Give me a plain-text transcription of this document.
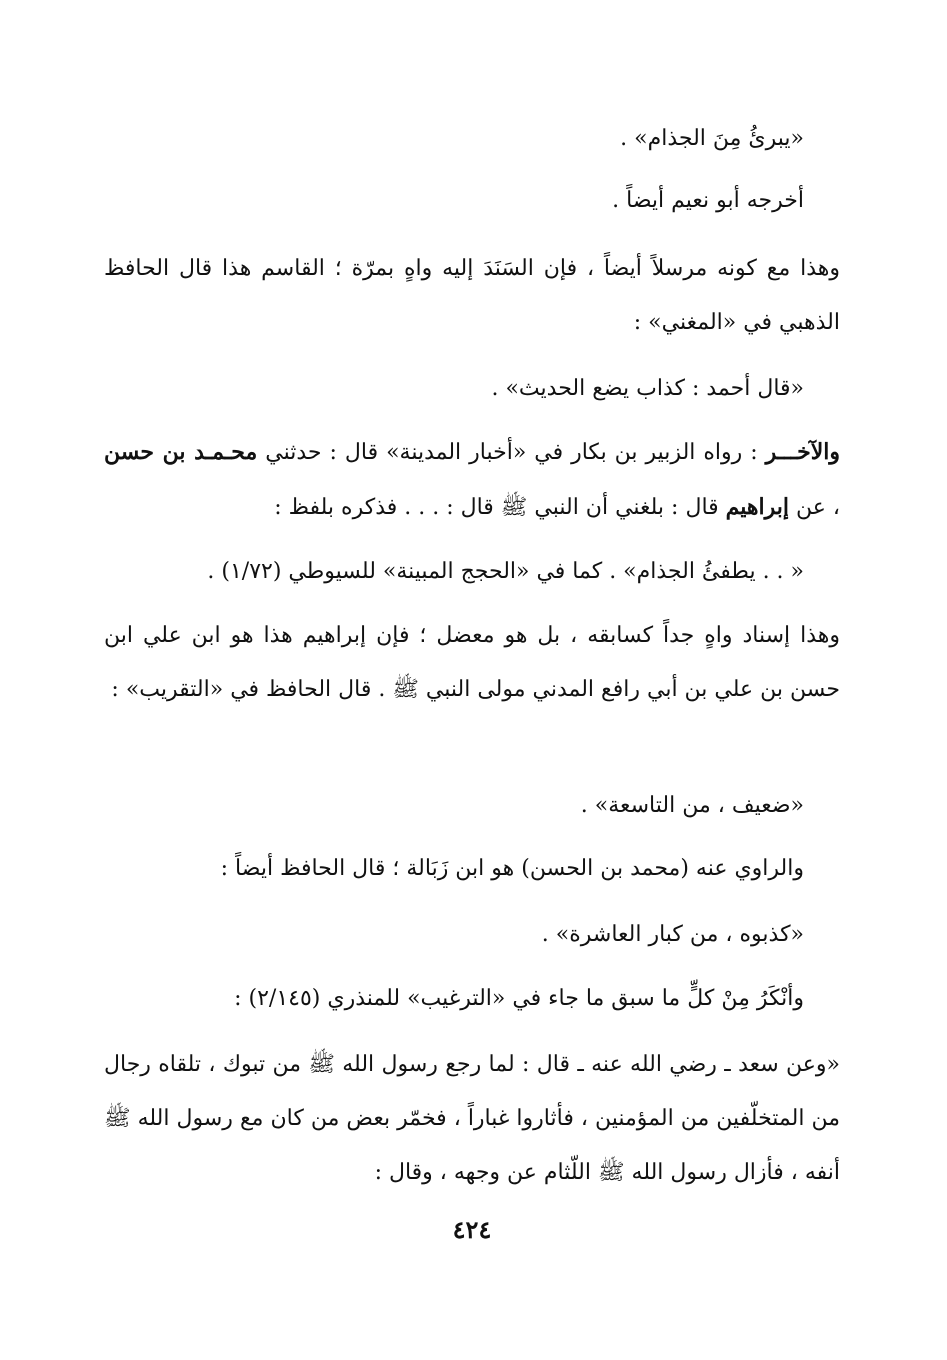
«يبرئُ مِنَ الجذام» .

أخرجه أبو نعيم أيضاً .

وهذا مع كونه مرسلاً أيضاً ، فإن السَنَدَ إليه واهٍ بمرّة ؛ القاسم هذا قال الحافظ الذهبي في «المغني» :

«قال أحمد : كذاب يضع الحديث» .

والآخـــر : رواه الزبير بن بكار في «أخبار المدينة» قال : حدثني محـمـد بن حسن ، عن إبراهيم قال : بلغني أن النبي ﷺ قال : . . . فذكره بلفظ :

« . . يطفئُ الجذام» . كما في «الحجج المبينة» للسيوطي (١/٧٢) .

وهذا إسناد واهٍ جداً كسابقه ، بل هو معضل ؛ فإن إبراهيم هذا هو ابن علي ابن حسن بن علي بن أبي رافع المدني مولى النبي ﷺ . قال الحافظ في «التقريب» :

«ضعيف ، من التاسعة» .

والراوي عنه (محمد بن الحسن) هو ابن زَبَالة ؛ قال الحافظ أيضاً :

«كذبوه ، من كبار العاشرة» .

وأنْكَرُ مِنْ كلٍّ ما سبق ما جاء في «الترغيب» للمنذري (٢/١٤٥) :

«وعن سعد ـ رضي الله عنه ـ قال : لما رجع رسول الله ﷺ من تبوك ، تلقاه رجال من المتخلّفين من المؤمنين ، فأثاروا غباراً ، فخمّر بعض من كان مع رسول الله ﷺ أنفه ، فأزال رسول الله ﷺ اللّثام عن وجهه ، وقال :

٤٢٤
